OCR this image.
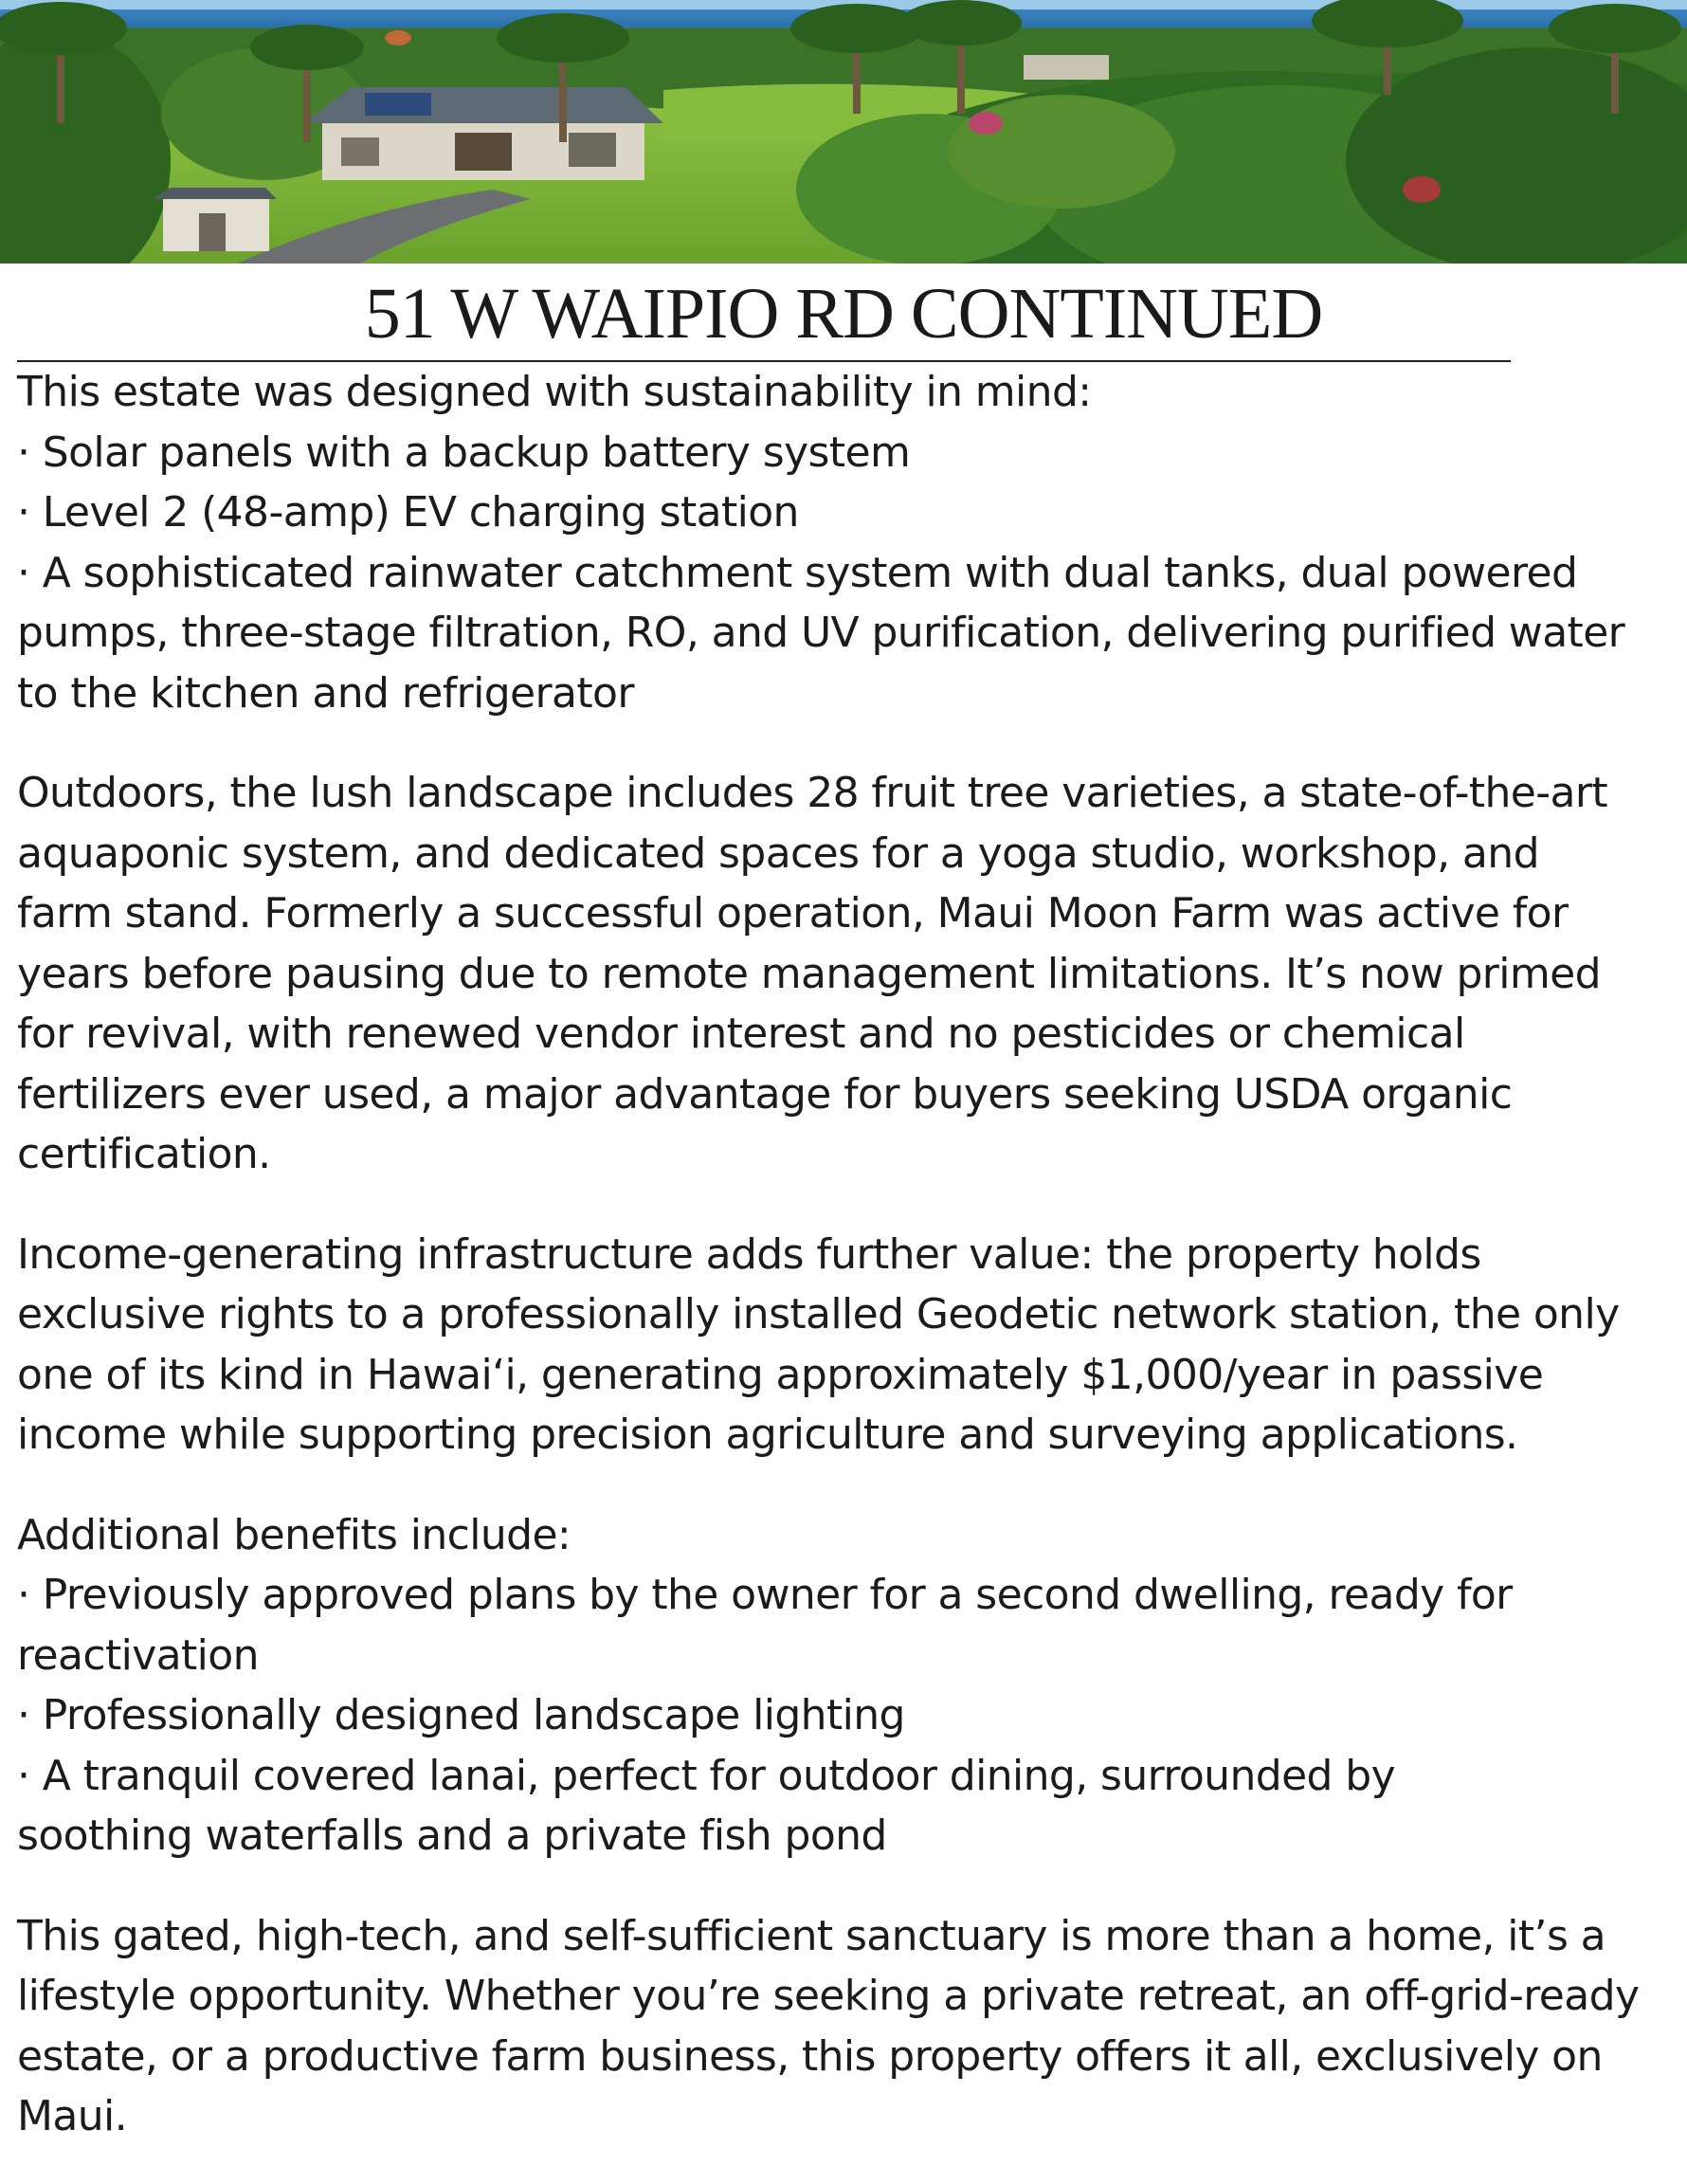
51 W WAIPIO RD CONTINUED

This estate was designed with sustainability in mind:
· Solar panels with a backup battery system
· Level 2 (48-amp) EV charging station
· A sophisticated rainwater catchment system with dual tanks, dual powered pumps, three-stage filtration, RO, and UV purification, delivering purified water to the kitchen and refrigerator

Outdoors, the lush landscape includes 28 fruit tree varieties, a state-of-the-art aquaponic system, and dedicated spaces for a yoga studio, workshop, and farm stand. Formerly a successful operation, Maui Moon Farm was active for years before pausing due to remote management limitations. It’s now primed for revival, with renewed vendor interest and no pesticides or chemical fertilizers ever used, a major advantage for buyers seeking USDA organic certification.

Income-generating infrastructure adds further value: the property holds exclusive rights to a professionally installed Geodetic network station, the only one of its kind in Hawai‘i, generating approximately $1,000/year in passive income while supporting precision agriculture and surveying applications.

Additional benefits include:
· Previously approved plans by the owner for a second dwelling, ready for reactivation
· Professionally designed landscape lighting
· A tranquil covered lanai, perfect for outdoor dining, surrounded by soothing waterfalls and a private fish pond

This gated, high-tech, and self-sufficient sanctuary is more than a home, it’s a lifestyle opportunity. Whether you’re seeking a private retreat, an off-grid-ready estate, or a productive farm business, this property offers it all, exclusively on Maui.
